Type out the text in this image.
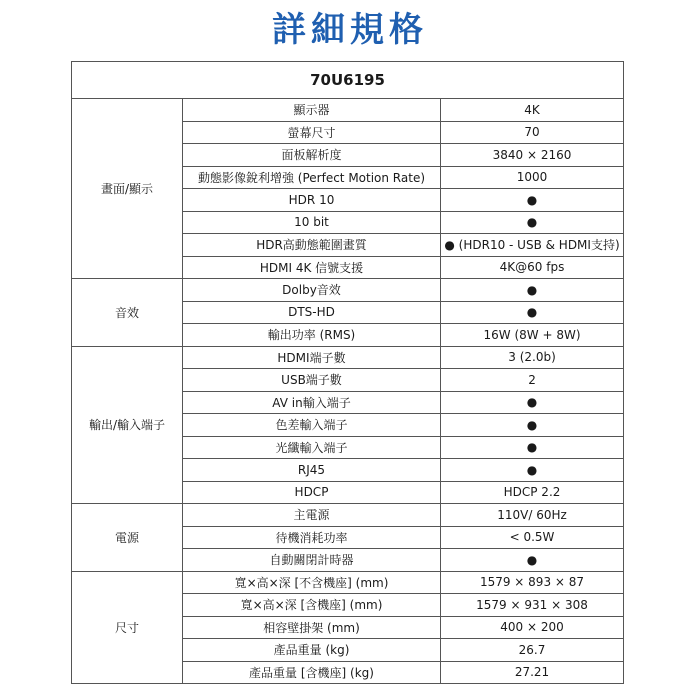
詳細規格
70U6195		
畫面/顯示	顯示器	4K
	螢幕尺寸	70
	面板解析度	3840 × 2160
	動態影像銳利增強 (Perfect Motion Rate)	1000
	HDR 10	●
	10 bit	●
	HDR高動態範圍畫質	● (HDR10 - USB & HDMI支持)
	HDMI 4K 信號支援	4K@60 fps
音效	Dolby音效	●
	DTS-HD	●
	輸出功率 (RMS)	16W (8W + 8W)
輸出/輸入端子	HDMI端子數	3 (2.0b)
	USB端子數	2
	AV in輸入端子	●
	色差輸入端子	●
	光纖輸入端子	●
	RJ45	●
	HDCP	HDCP 2.2
電源	主電源	110V/ 60Hz
	待機消耗功率	< 0.5W
	自動關閉計時器	●
尺寸	寬×高×深 [不含機座] (mm)	1579 × 893 × 87
	寬×高×深 [含機座] (mm)	1579 × 931 × 308
	相容壁掛架 (mm)	400 × 200
	產品重量 (kg)	26.7
	產品重量 [含機座] (kg)	27.21
